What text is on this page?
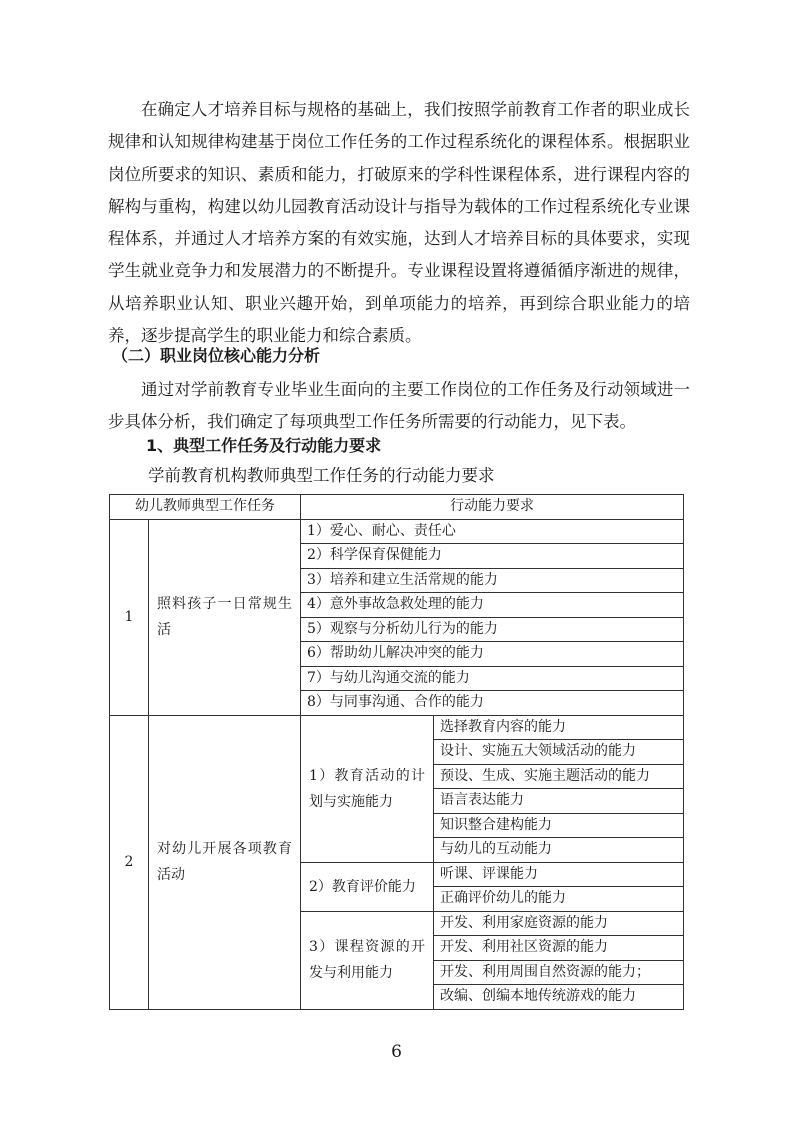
在确定人才培养目标与规格的基础上，我们按照学前教育工作者的职业成长规律和认知规律构建基于岗位工作任务的工作过程系统化的课程体系。根据职业岗位所要求的知识、素质和能力，打破原来的学科性课程体系，进行课程内容的解构与重构，构建以幼儿园教育活动设计与指导为载体的工作过程系统化专业课程体系，并通过人才培养方案的有效实施，达到人才培养目标的具体要求，实现学生就业竞争力和发展潜力的不断提升。专业课程设置将遵循循序渐进的规律，从培养职业认知、职业兴趣开始，到单项能力的培养，再到综合职业能力的培养，逐步提高学生的职业能力和综合素质。

（二）职业岗位核心能力分析

通过对学前教育专业毕业生面向的主要工作岗位的工作任务及行动领域进一步具体分析，我们确定了每项典型工作任务所需要的行动能力，见下表。

1、典型工作任务及行动能力要求

学前教育机构教师典型工作任务的行动能力要求

幼儿教师典型工作任务		行动能力要求	
1	照料孩子一日常规生活	1）爱心、耐心、责任心	
		2）科学保育保健能力	
		3）培养和建立生活常规的能力	
		4）意外事故急救处理的能力	
		5）观察与分析幼儿行为的能力	
		6）帮助幼儿解决冲突的能力	
		7）与幼儿沟通交流的能力	
		8）与同事沟通、合作的能力	
2	对幼儿开展各项教育活动	1）教育活动的计划与实施能力	选择教育内容的能力
			设计、实施五大领域活动的能力
			预设、生成、实施主题活动的能力
			语言表达能力
			知识整合建构能力
			与幼儿的互动能力
		2）教育评价能力	听课、评课能力
			正确评价幼儿的能力
		3）课程资源的开发与利用能力	开发、利用家庭资源的能力
			开发、利用社区资源的能力
			开发、利用周围自然资源的能力；
			改编、创编本地传统游戏的能力

6
